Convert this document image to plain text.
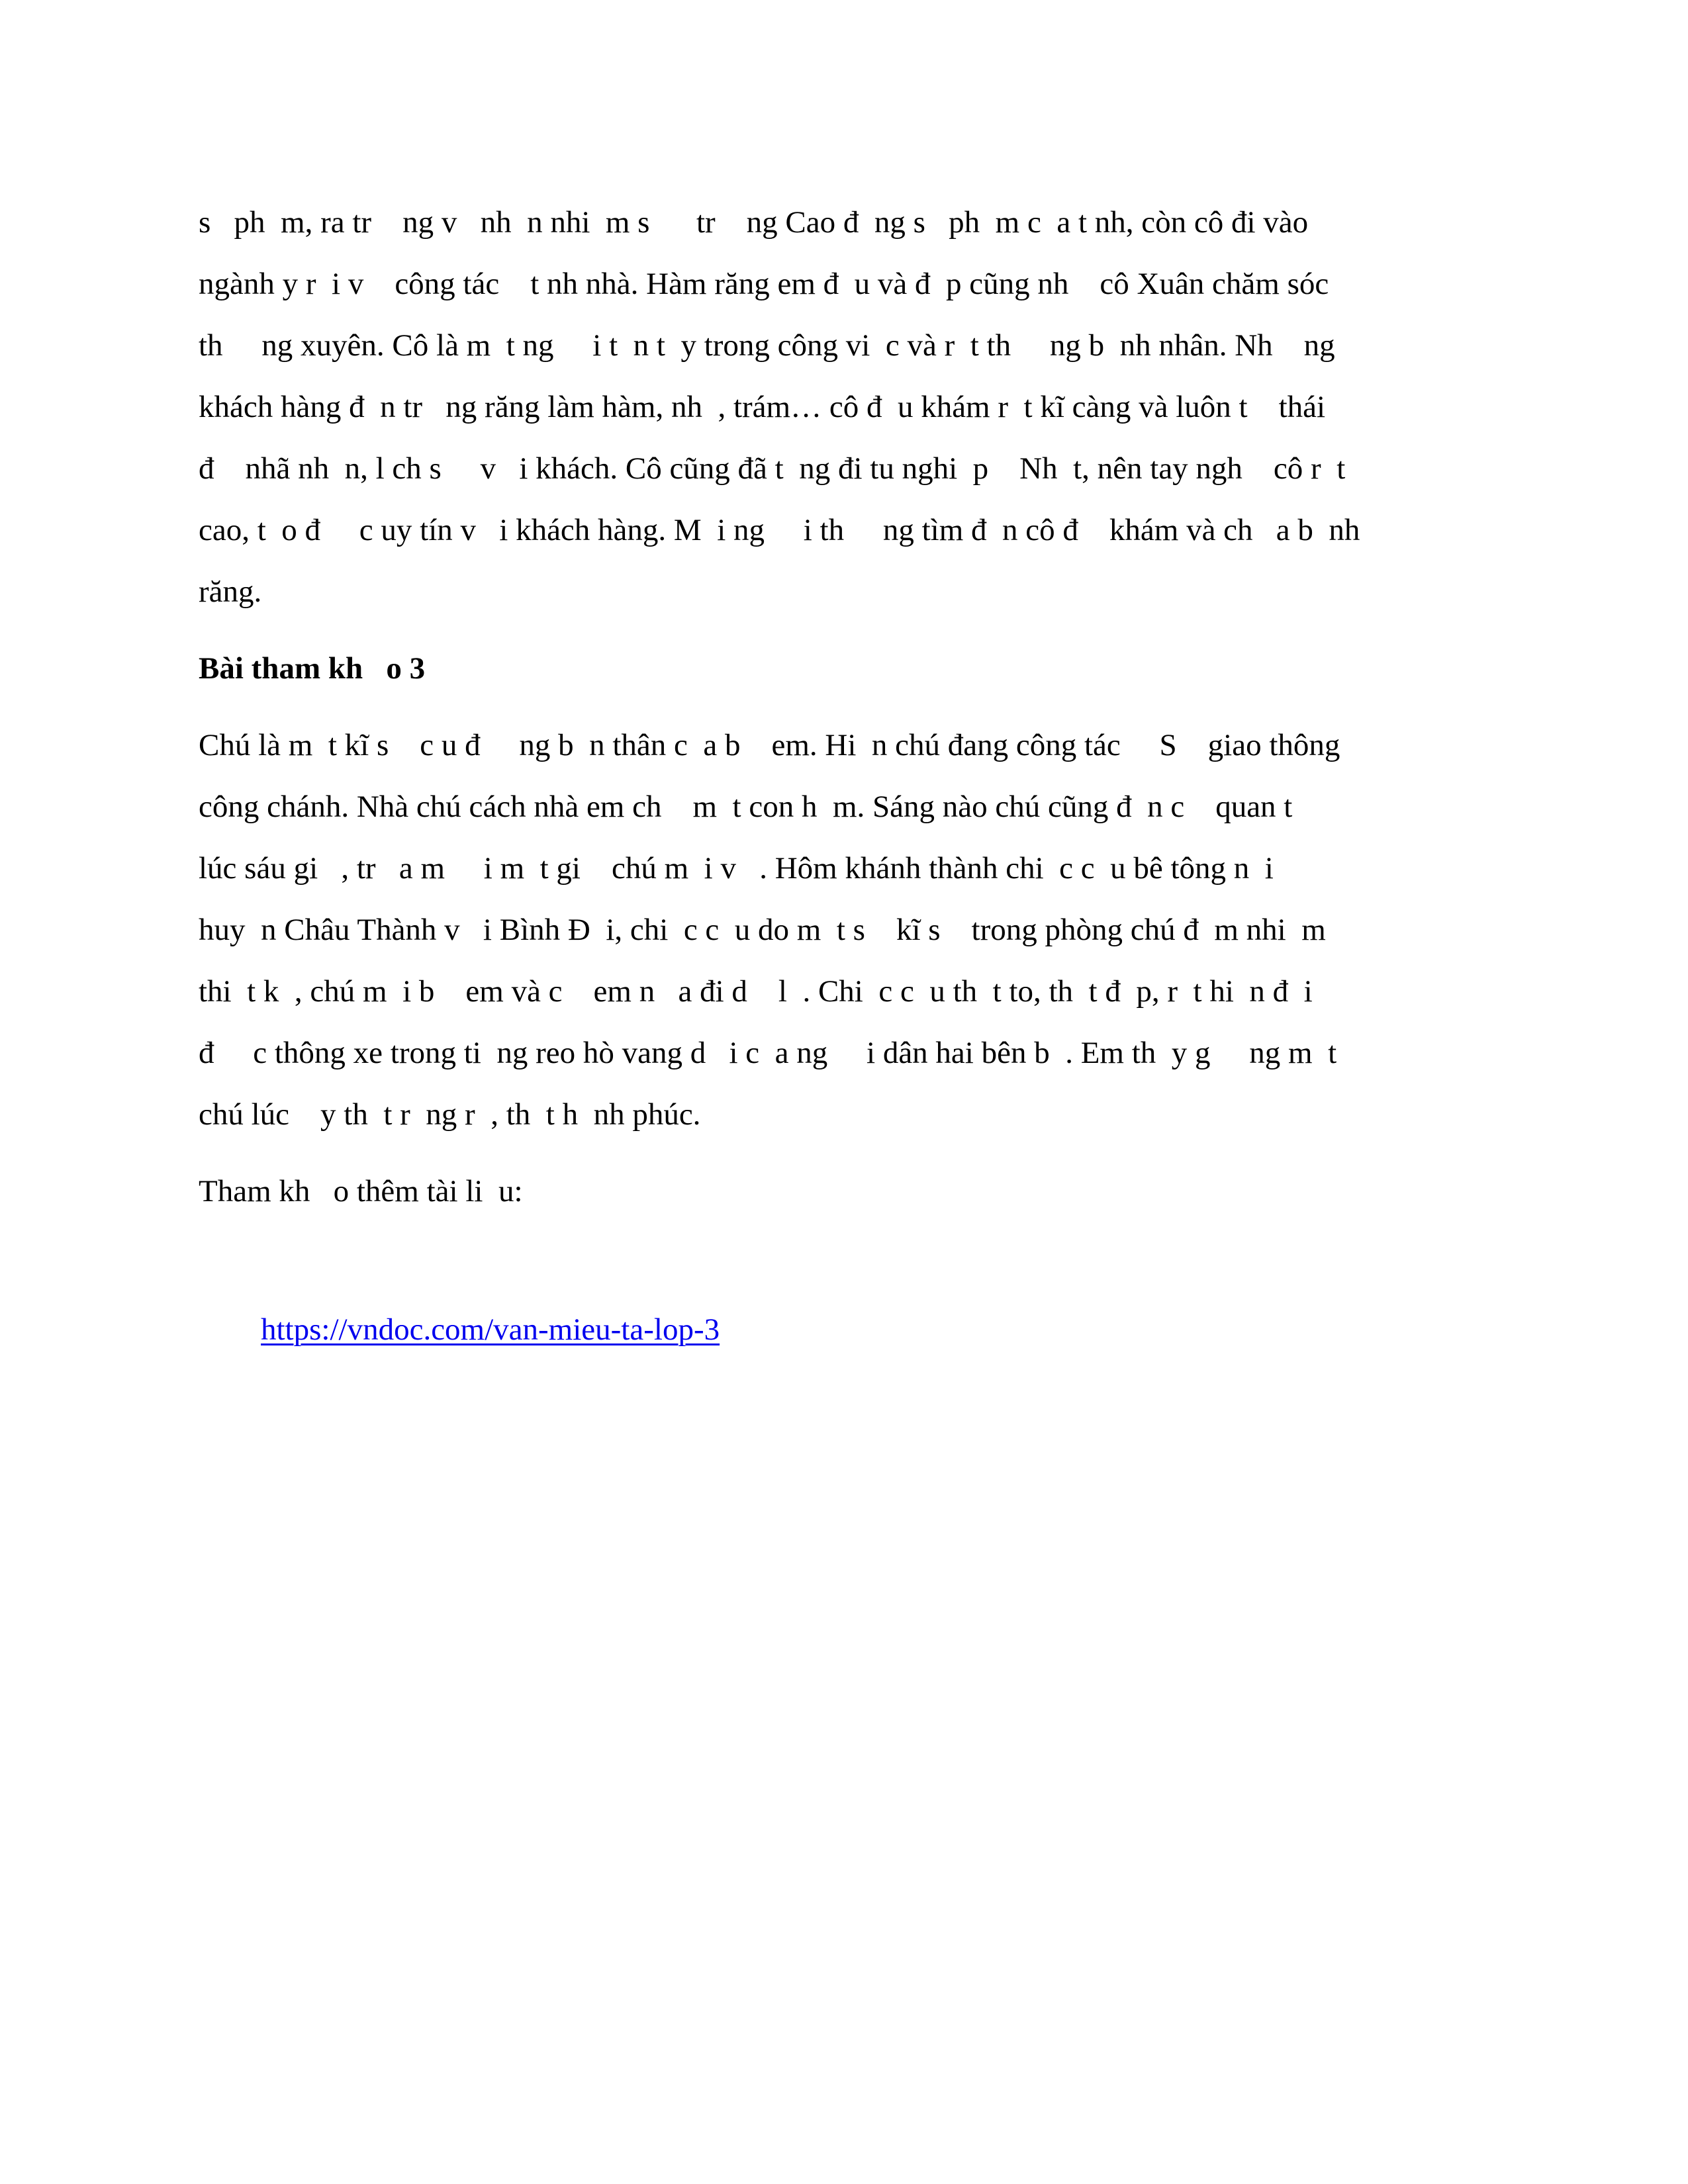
s   ph  m, ra tr    ng v   nh  n nhi  m s      tr    ng Cao đ  ng s   ph  m c  a t nh, còn cô đi vào
ngành y r  i v    công tác    t nh nhà. Hàm răng em đ  u và đ  p cũng nh    cô Xuân chăm sóc
th     ng xuyên. Cô là m  t ng     i t  n t  y trong công vi  c và r  t th     ng b  nh nhân. Nh    ng
khách hàng đ  n tr   ng răng làm hàm, nh  , trám… cô đ  u khám r  t kĩ càng và luôn t    thái
đ    nhã nh  n, l ch s     v   i khách. Cô cũng đã t  ng đi tu nghi  p    Nh  t, nên tay ngh    cô r  t
cao, t  o đ     c uy tín v   i khách hàng. M  i ng     i th     ng tìm đ  n cô đ    khám và ch   a b  nh
răng.
Bài tham kh   o 3
Chú là m  t kĩ s    c u đ     ng b  n thân c  a b    em. Hi  n chú đang công tác     S    giao thông
công chánh. Nhà chú cách nhà em ch    m  t con h  m. Sáng nào chú cũng đ  n c    quan t
lúc sáu gi   , tr   a m     i m  t gi    chú m  i v   . Hôm khánh thành chi  c c  u bê tông n  i
huy  n Châu Thành v   i Bình Đ  i, chi  c c  u do m  t s    kĩ s    trong phòng chú đ  m nhi  m
thi  t k  , chú m  i b    em và c    em n   a đi d    l  . Chi  c c  u th  t to, th  t đ  p, r  t hi  n đ  i
đ     c thông xe trong ti  ng reo hò vang d   i c  a ng     i dân hai bên b  . Em th  y g     ng m  t
chú lúc    y th  t r  ng r  , th  t h  nh phúc.
Tham kh   o thêm tài li  u:

https://vndoc.com/van-mieu-ta-lop-3
